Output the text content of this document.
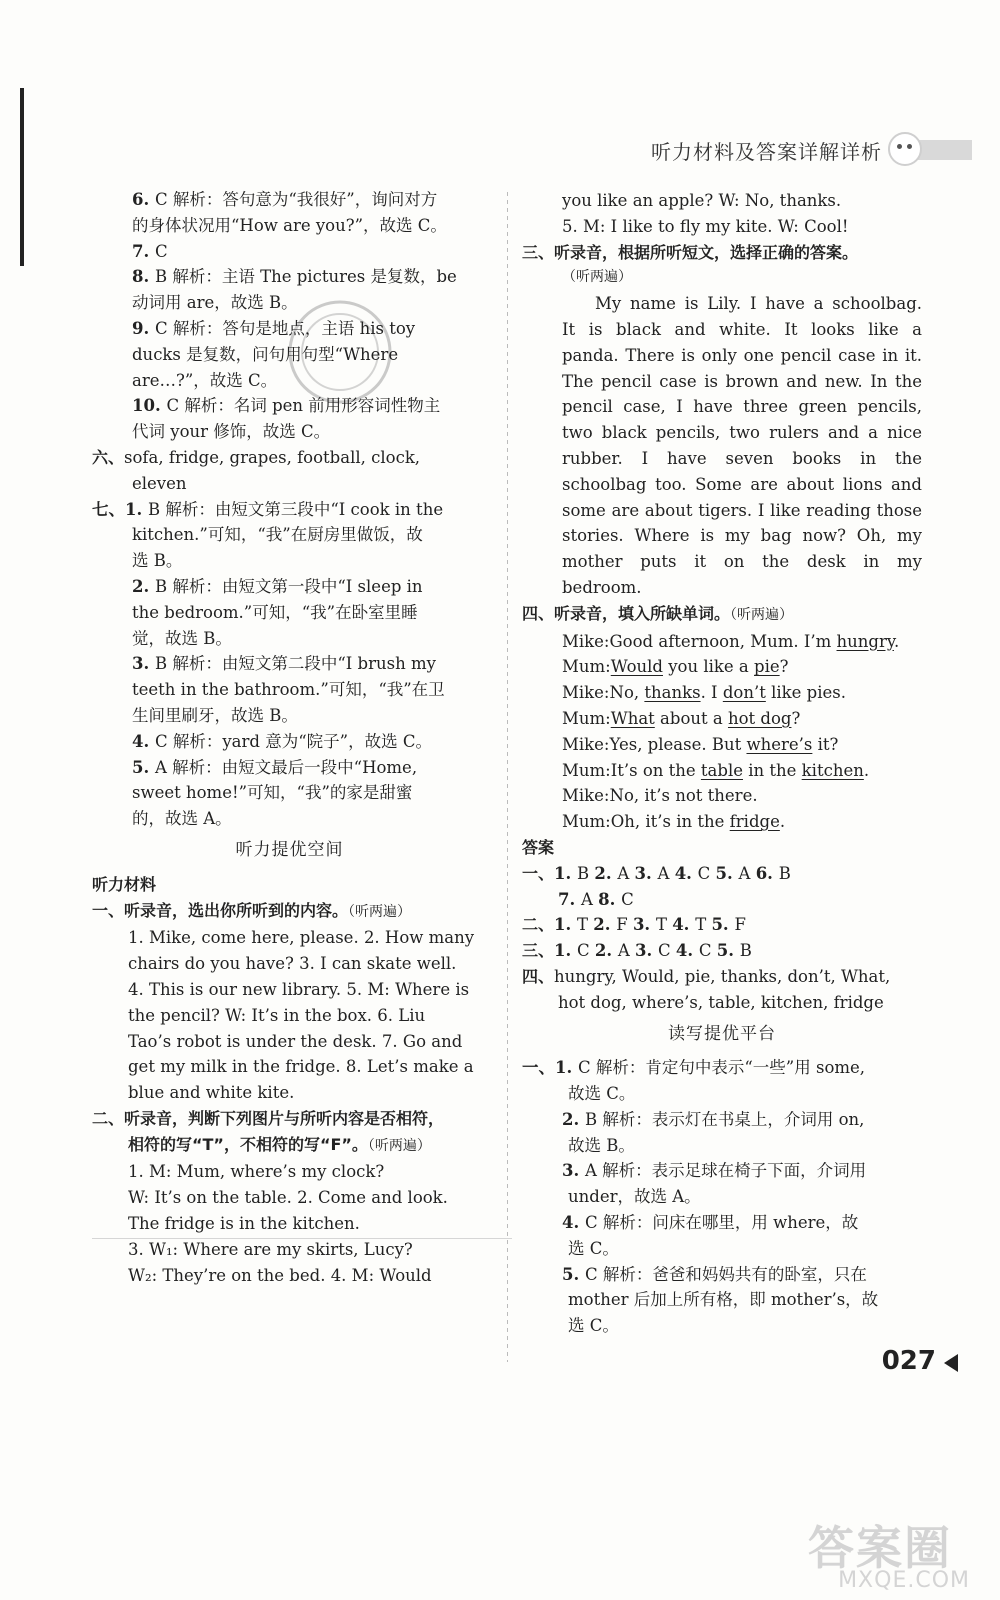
听力材料及答案详解详析
6. C 解析：答句意为“我很好”，询问对方
的身体状况用“How are you?”，故选 C。
7. C
8. B 解析：主语 The pictures 是复数，be
动词用 are，故选 B。
9. C 解析：答句是地点，主语 his toy
ducks 是复数，问句用句型“Where
are…?”，故选 C。
10. C 解析：名词 pen 前用形容词性物主
代词 your 修饰，故选 C。
六、sofa, fridge, grapes, football, clock,
eleven
七、1. B 解析：由短文第三段中“I cook in the
kitchen.”可知，“我”在厨房里做饭，故
选 B。
2. B 解析：由短文第一段中“I sleep in
the bedroom.”可知，“我”在卧室里睡
觉，故选 B。
3. B 解析：由短文第二段中“I brush my
teeth in the bathroom.”可知，“我”在卫
生间里刷牙，故选 B。
4. C 解析：yard 意为“院子”，故选 C。
5. A 解析：由短文最后一段中“Home,
sweet home!”可知，“我”的家是甜蜜
的，故选 A。
听力提优空间
听力材料
一、听录音，选出你所听到的内容。（听两遍）
1. Mike, come here, please. 2. How many
chairs do you have? 3. I can skate well.
4. This is our new library. 5. M: Where is
the pencil? W: It’s in the box. 6. Liu
Tao’s robot is under the desk. 7. Go and
get my milk in the fridge. 8. Let’s make a
blue and white kite.
二、听录音，判断下列图片与所听内容是否相符，
相符的写“T”，不相符的写“F”。（听两遍）
1. M: Mum, where’s my clock?
W: It’s on the table. 2. Come and look.
The fridge is in the kitchen.
3. W₁: Where are my skirts, Lucy?
W₂: They’re on the bed. 4. M: Would
you like an apple? W: No, thanks.
5. M: I like to fly my kite. W: Cool!
三、听录音，根据所听短文，选择正确的答案。
（听两遍）
My name is Lily. I have a schoolbag.
It is black and white. It looks like a
panda. There is only one pencil case in it.
The pencil case is brown and new. In the
pencil case, I have three green pencils,
two black pencils, two rulers and a nice
rubber. I have seven books in the
schoolbag too. Some are about lions and
some are about tigers. I like reading those
stories. Where is my bag now? Oh, my
mother puts it on the desk in my
bedroom.
四、听录音，填入所缺单词。（听两遍）
Mike:Good afternoon, Mum. I’m hungry.
Mum:Would you like a pie?
Mike:No, thanks. I don’t like pies.
Mum:What about a hot dog?
Mike:Yes, please. But where’s it?
Mum:It’s on the table in the kitchen.
Mike:No, it’s not there.
Mum:Oh, it’s in the fridge.
答案
一、1. B 2. A 3. A 4. C 5. A 6. B
7. A 8. C
二、1. T 2. F 3. T 4. T 5. F
三、1. C 2. A 3. C 4. C 5. B
四、hungry, Would, pie, thanks, don’t, What,
hot dog, where’s, table, kitchen, fridge
读写提优平台
一、1. C 解析：肯定句中表示“一些”用 some,
故选 C。
2. B 解析：表示灯在书桌上，介词用 on,
故选 B。
3. A 解析：表示足球在椅子下面，介词用
under，故选 A。
4. C 解析：问床在哪里，用 where，故
选 C。
5. C 解析：爸爸和妈妈共有的卧室，只在
mother 后加上所有格，即 mother’s，故
选 C。
027
答案圈
MXQE.COM
